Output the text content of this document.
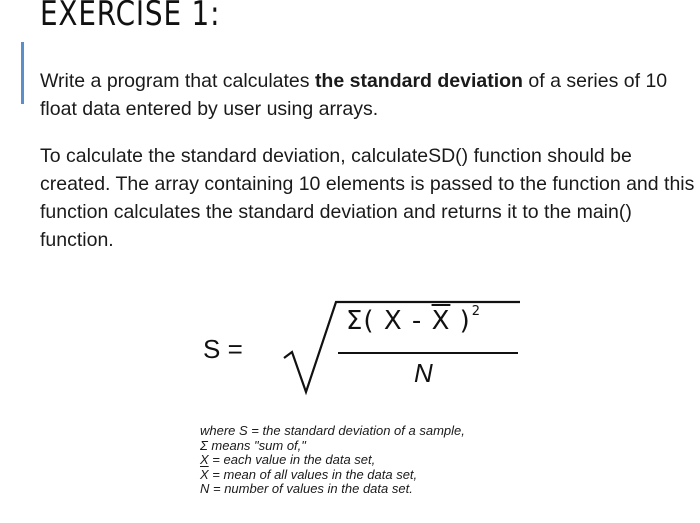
EXERCISE 1:

Write a program that calculates the standard deviation of a series of 10 float data entered by user using arrays.

To calculate the standard deviation, calculateSD() function should be created. The array containing 10 elements is passed to the function and this function calculates the standard deviation and returns it to the main() function.

S =
Σ( X - $\overline{X}$ )$^2$
N
where S = the standard deviation of a sample,
Σ means "sum of,"
X = each value in the data set,
$\overline{X}$ = mean of all values in the data set,
N = number of values in the data set.
